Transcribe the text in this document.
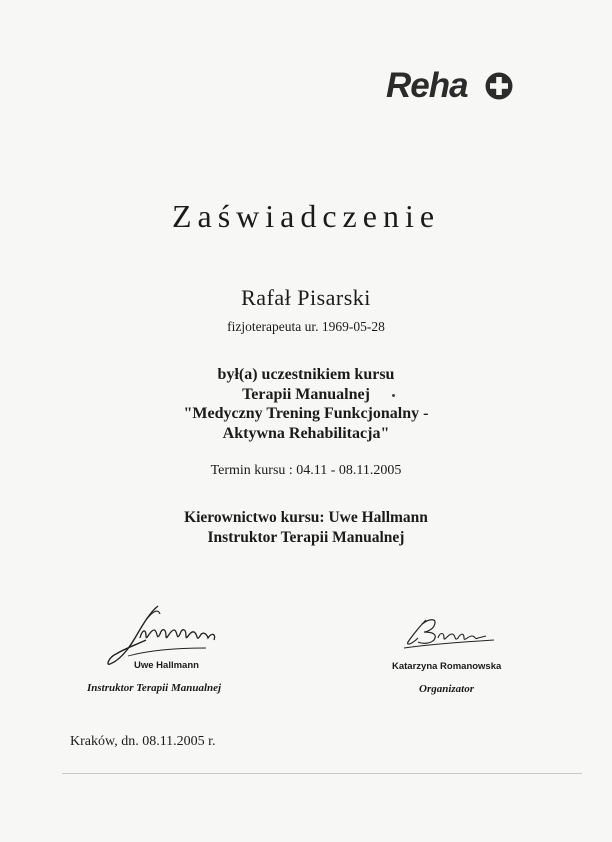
Reha
Zaświadczenie
Rafał Pisarski
fizjoterapeuta ur. 1969-05-28
był(a) uczestnikiem kursu
Terapii Manualnej
"Medyczny Trening Funkcjonalny -
Aktywna Rehabilitacja"
Termin kursu : 04.11 - 08.11.2005
Kierownictwo kursu: Uwe Hallmann
Instruktor Terapii Manualnej
Uwe Hallmann
Instruktor Terapii Manualnej
Katarzyna Romanowska
Organizator
Kraków, dn. 08.11.2005 r.
